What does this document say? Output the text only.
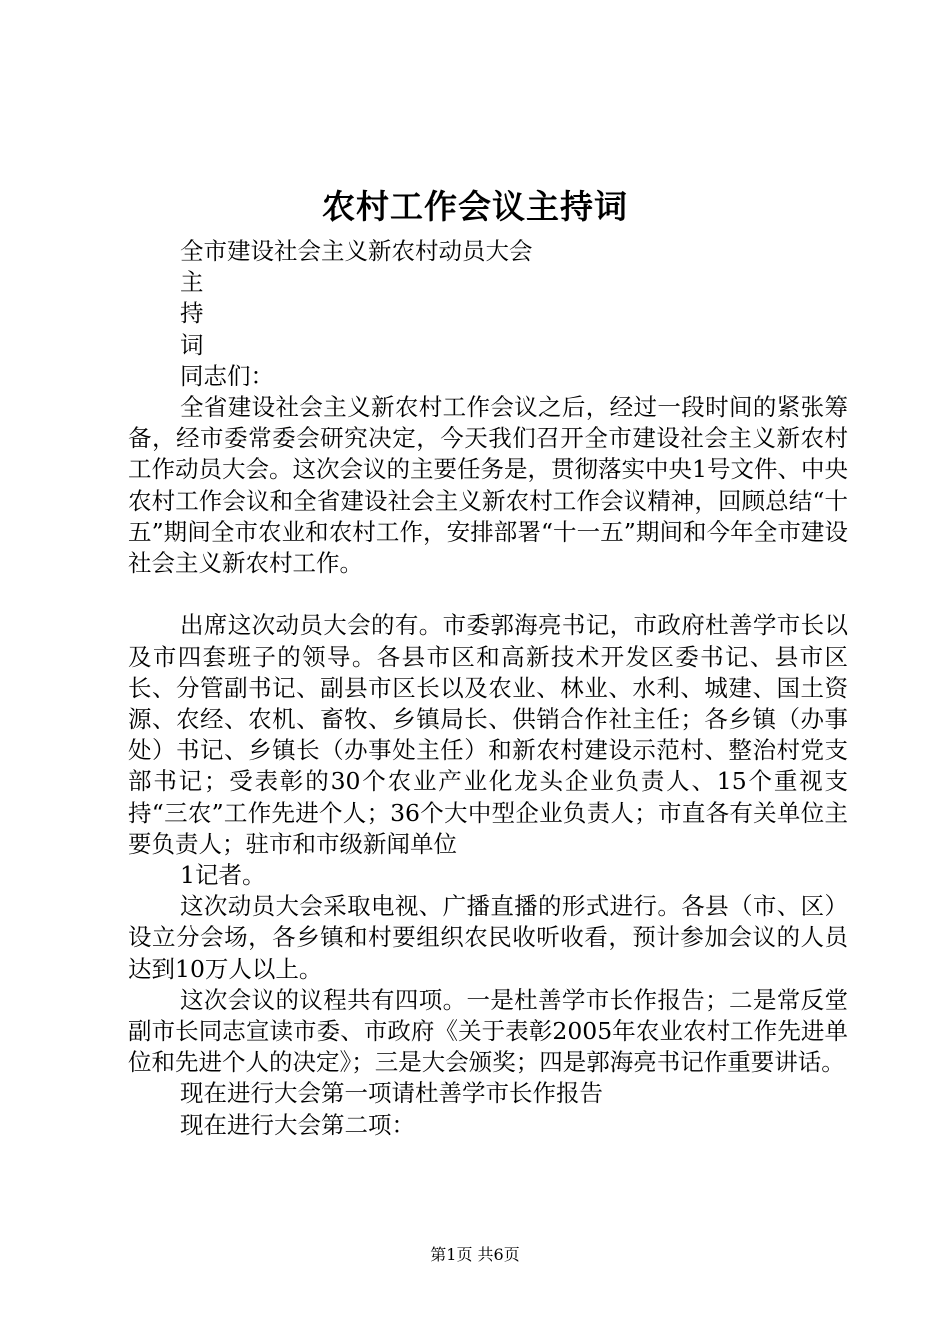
农村工作会议主持词
全市建设社会主义新农村动员大会
主
持
词
同志们：

全省建设社会主义新农村工作会议之后，经过一段时间的紧张筹备，经市委常委会研究决定，今天我们召开全市建设社会主义新农村工作动员大会。这次会议的主要任务是，贯彻落实中央1号文件、中央农村工作会议和全省建设社会主义新农村工作会议精神，回顾总结“十五”期间全市农业和农村工作，安排部署“十一五”期间和今年全市建设社会主义新农村工作。

出席这次动员大会的有。市委郭海亮书记，市政府杜善学市长以及市四套班子的领导。各县市区和高新技术开发区委书记、县市区长、分管副书记、副县市区长以及农业、林业、水利、城建、国土资源、农经、农机、畜牧、乡镇局长、供销合作社主任；各乡镇（办事处）书记、乡镇长（办事处主任）和新农村建设示范村、整治村党支部书记；受表彰的30个农业产业化龙头企业负责人、15个重视支持“三农”工作先进个人；36个大中型企业负责人；市直各有关单位主要负责人；驻市和市级新闻单位

1记者。

这次动员大会采取电视、广播直播的形式进行。各县（市、区）设立分会场，各乡镇和村要组织农民收听收看，预计参加会议的人员达到10万人以上。

这次会议的议程共有四项。一是杜善学市长作报告；二是常反堂副市长同志宣读市委、市政府《关于表彰2005年农业农村工作先进单位和先进个人的决定》；三是大会颁奖；四是郭海亮书记作重要讲话。

现在进行大会第一项请杜善学市长作报告
现在进行大会第二项：
第1页 共6页
